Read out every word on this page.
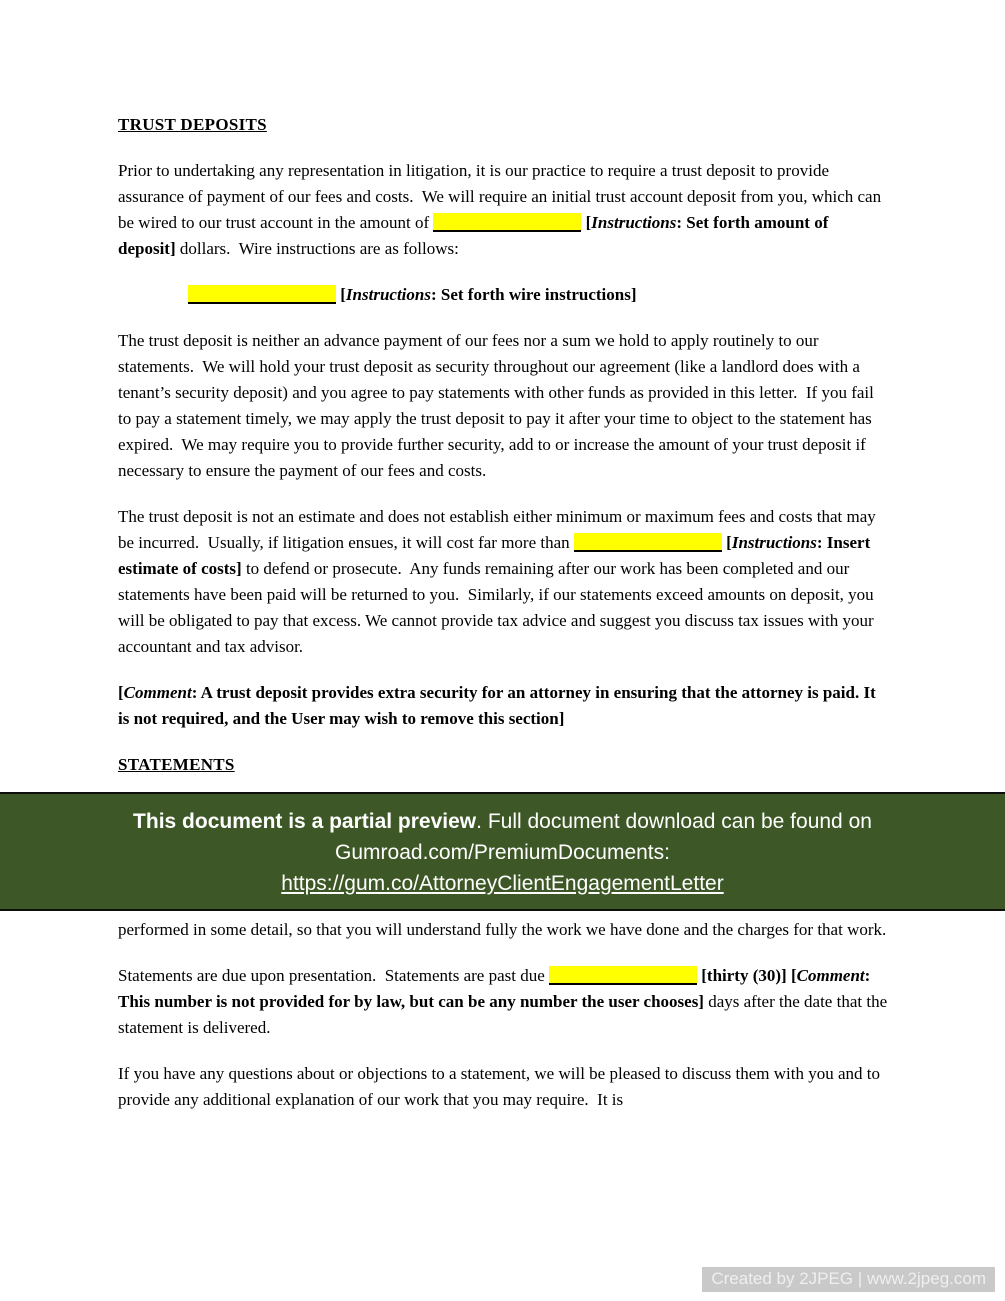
TRUST DEPOSITS
Prior to undertaking any representation in litigation, it is our practice to require a trust deposit to provide assurance of payment of our fees and costs.  We will require an initial trust account deposit from you, which can be wired to our trust account in the amount of	[Instructions: Set forth amount of deposit] dollars.  Wire instructions are as follows:
[Instructions: Set forth wire instructions]
The trust deposit is neither an advance payment of our fees nor a sum we hold to apply routinely to our statements.  We will hold your trust deposit as security throughout our agreement (like a landlord does with a tenant’s security deposit) and you agree to pay statements with other funds as provided in this letter.  If you fail to pay a statement timely, we may apply the trust deposit to pay it after your time to object to the statement has expired.  We may require you to provide further security, add to or increase the amount of your trust deposit if necessary to ensure the payment of our fees and costs.
The trust deposit is not an estimate and does not establish either minimum or maximum fees and costs that may be incurred.  Usually, if litigation ensues, it will cost far more than	[Instructions: Insert estimate of costs] to defend or prosecute.  Any funds remaining after our work has been completed and our statements have been paid will be returned to you.  Similarly, if our statements exceed amounts on deposit, you will be obligated to pay that excess. We cannot provide tax advice and suggest you discuss tax issues with your accountant and tax advisor.
[Comment: A trust deposit provides extra security for an attorney in ensuring that the attorney is paid. It is not required, and the User may wish to remove this section]
STATEMENTS
This document is a partial preview. Full document download can be found on
Gumroad.com/PremiumDocuments:
https://gum.co/AttorneyClientEngagementLetter
performed in some detail, so that you will understand fully the work we have done and the charges for that work.
Statements are due upon presentation.  Statements are past due	[thirty (30)] [Comment: This number is not provided for by law, but can be any number the user chooses] days after the date that the statement is delivered.
If you have any questions about or objections to a statement, we will be pleased to discuss them with you and to provide any additional explanation of our work that you may require.  It is
Created by 2JPEG | www.2jpeg.com
